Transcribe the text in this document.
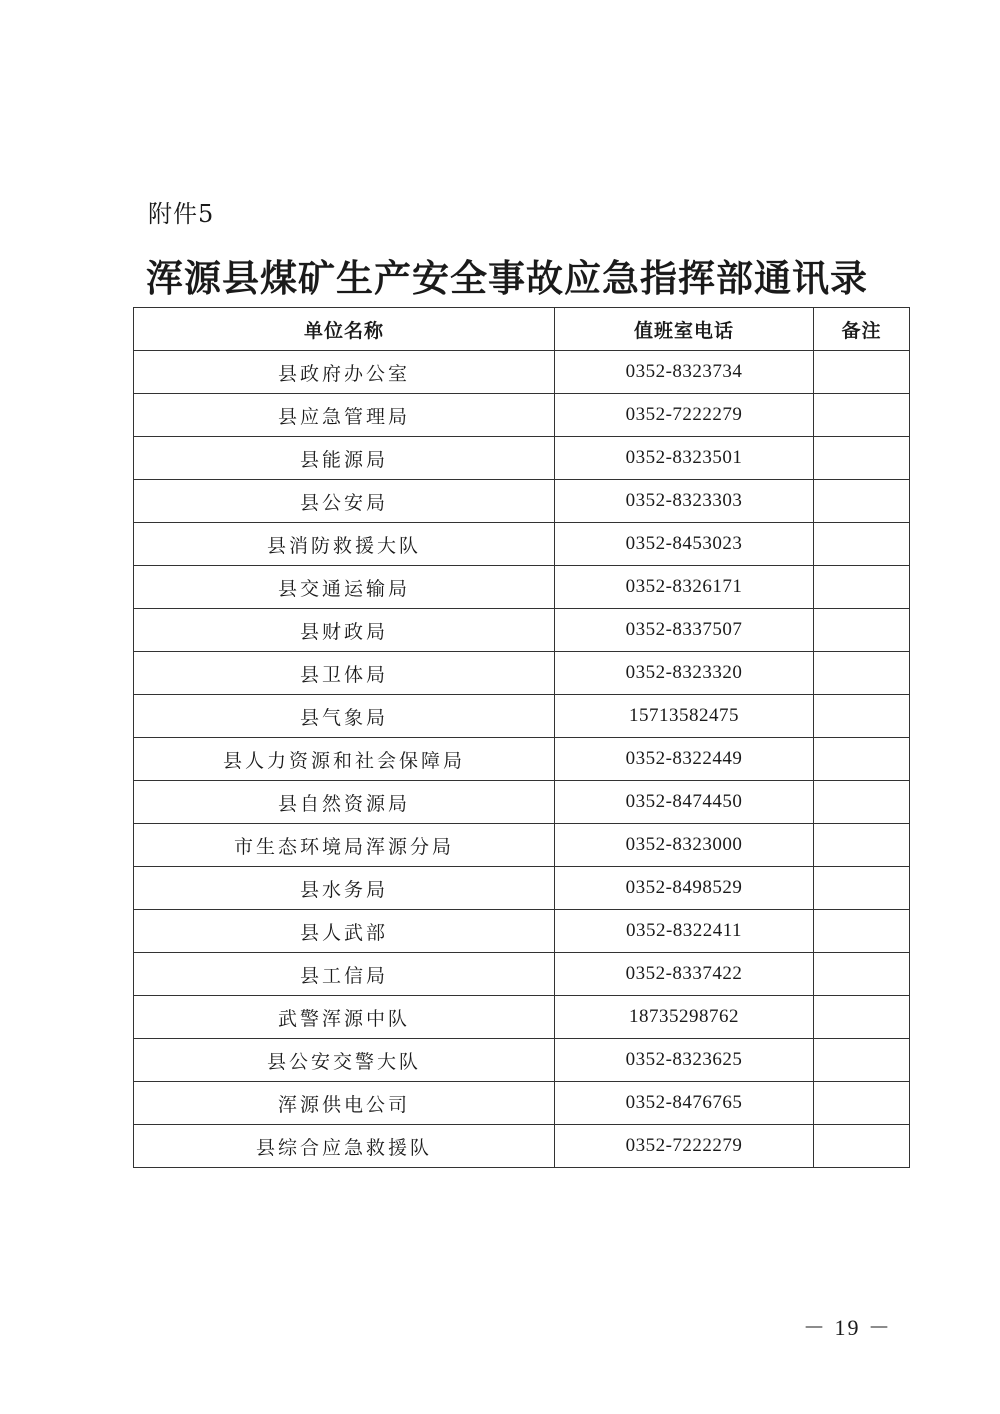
附件5
浑源县煤矿生产安全事故应急指挥部通讯录
单位名称	值班室电话	备注
县政府办公室	0352-8323734	
县应急管理局	0352-7222279	
县能源局	0352-8323501	
县公安局	0352-8323303	
县消防救援大队	0352-8453023	
县交通运输局	0352-8326171	
县财政局	0352-8337507	
县卫体局	0352-8323320	
县气象局	15713582475	
县人力资源和社会保障局	0352-8322449	
县自然资源局	0352-8474450	
市生态环境局浑源分局	0352-8323000	
县水务局	0352-8498529	
县人武部	0352-8322411	
县工信局	0352-8337422	
武警浑源中队	18735298762	
县公安交警大队	0352-8323625	
浑源供电公司	0352-8476765	
县综合应急救援队	0352-7222279	
－ 19 －
